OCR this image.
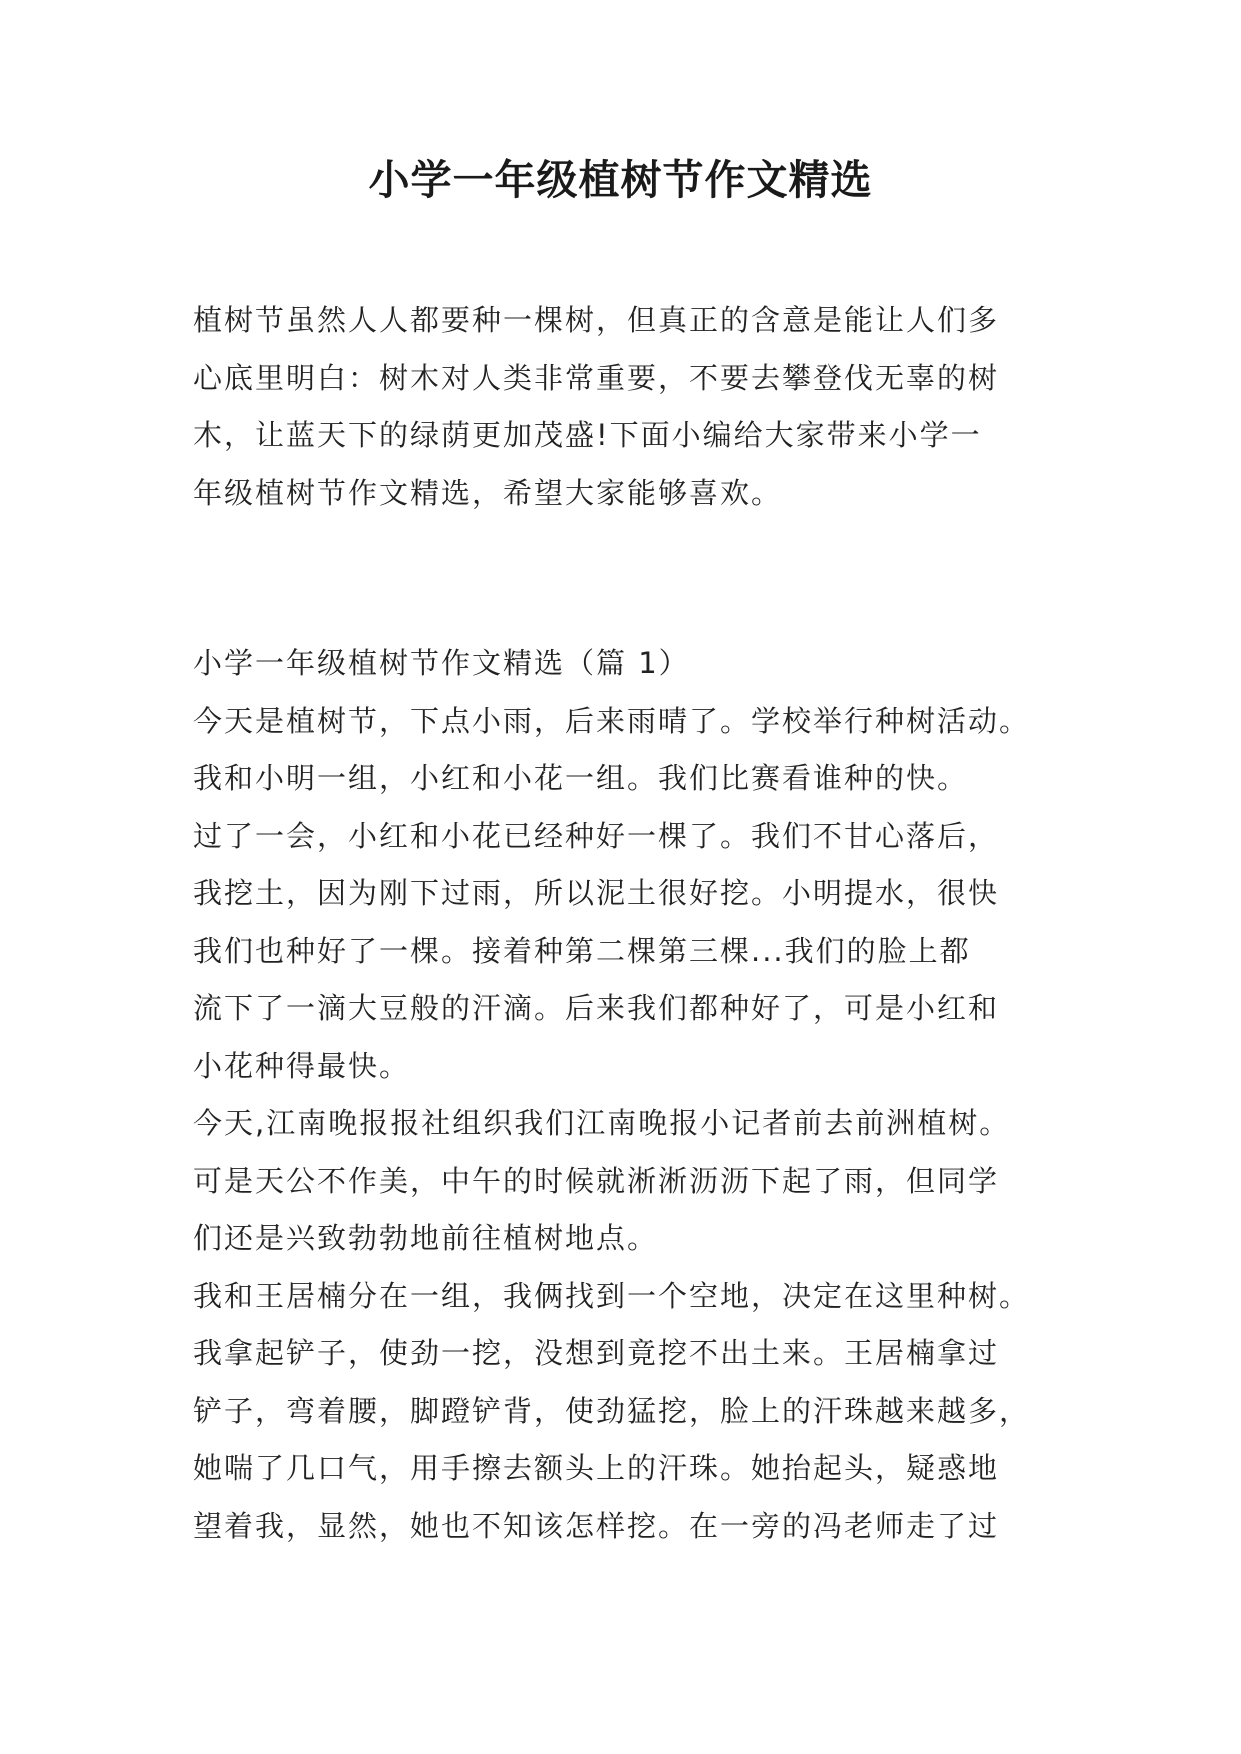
小学一年级植树节作文精选
植树节虽然人人都要种一棵树，但真正的含意是能让人们多
心底里明白：树木对人类非常重要，不要去攀登伐无辜的树
木，让蓝天下的绿荫更加茂盛!下面小编给大家带来小学一
年级植树节作文精选，希望大家能够喜欢。
小学一年级植树节作文精选（篇 1）
今天是植树节，下点小雨，后来雨晴了。学校举行种树活动。
我和小明一组，小红和小花一组。我们比赛看谁种的快。
过了一会，小红和小花已经种好一棵了。我们不甘心落后，
我挖土，因为刚下过雨，所以泥土很好挖。小明提水，很快
我们也种好了一棵。接着种第二棵第三棵...我们的脸上都
流下了一滴大豆般的汗滴。后来我们都种好了，可是小红和
小花种得最快。
今天,江南晚报报社组织我们江南晚报小记者前去前洲植树。
可是天公不作美，中午的时候就淅淅沥沥下起了雨，但同学
们还是兴致勃勃地前往植树地点。
我和王居楠分在一组，我俩找到一个空地，决定在这里种树。
我拿起铲子，使劲一挖，没想到竟挖不出土来。王居楠拿过
铲子，弯着腰，脚蹬铲背，使劲猛挖，脸上的汗珠越来越多，
她喘了几口气，用手擦去额头上的汗珠。她抬起头，疑惑地
望着我，显然，她也不知该怎样挖。在一旁的冯老师走了过
